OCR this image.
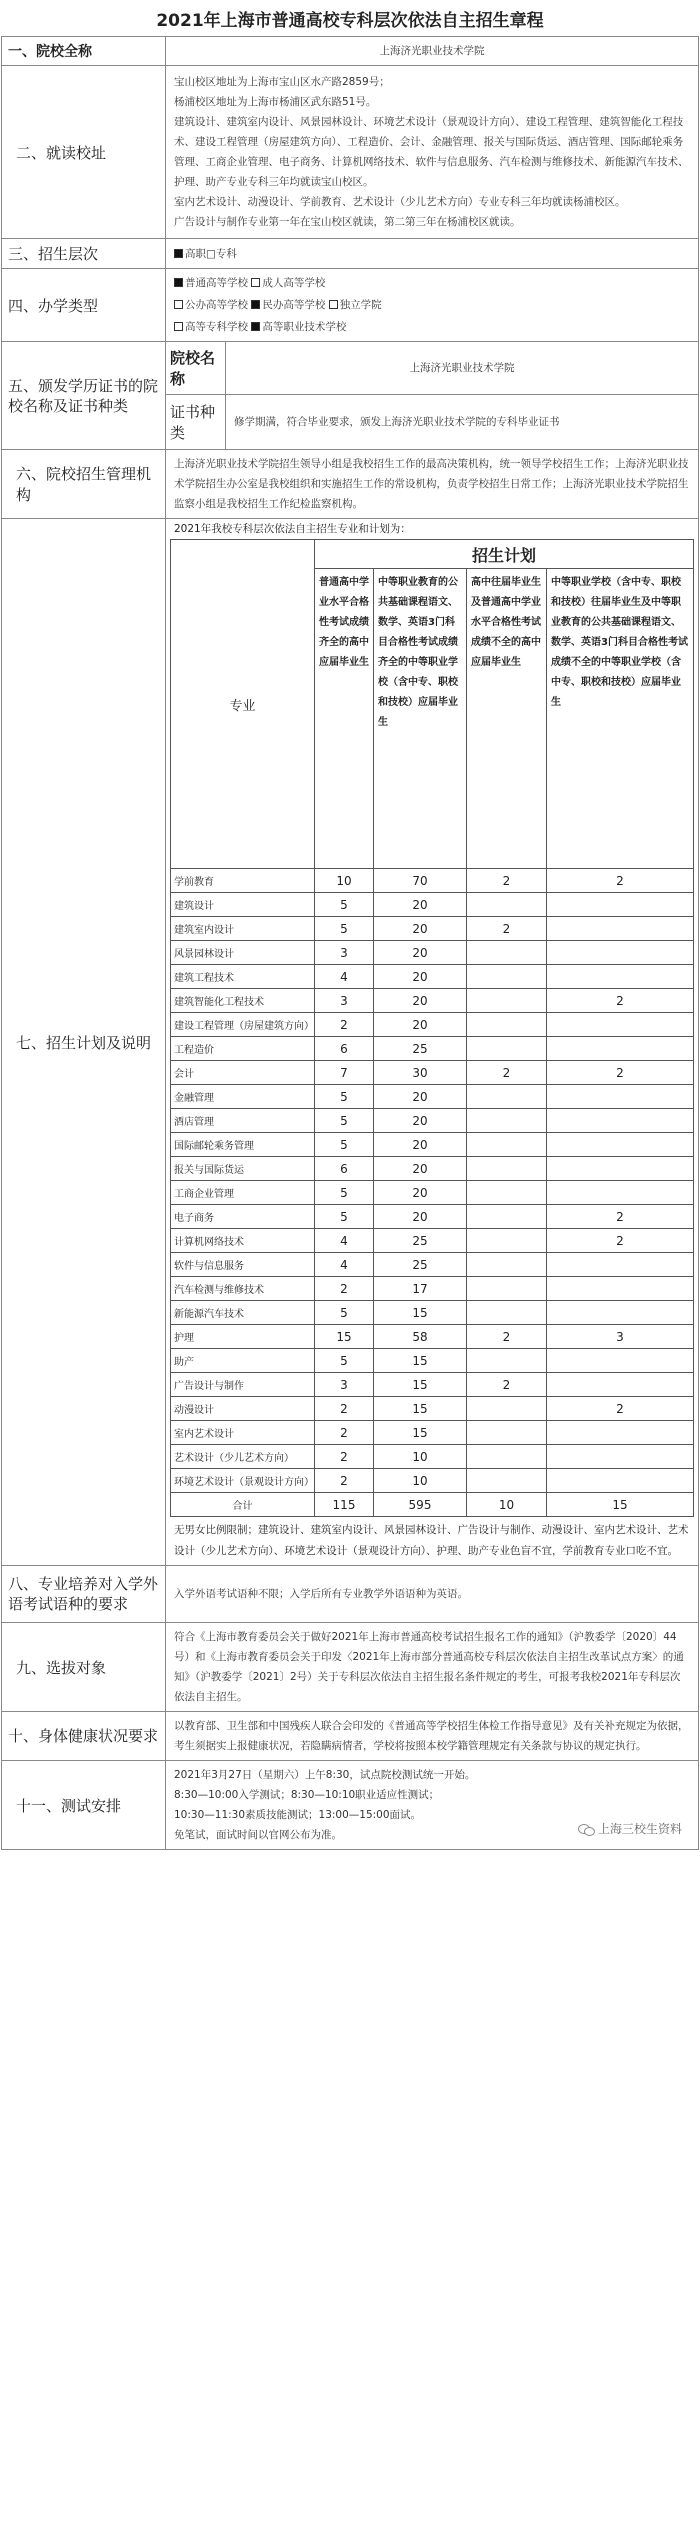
2021年上海市普通高校专科层次依法自主招生章程
一、院校全称	上海济光职业技术学院
二、就读校址	
宝山校区地址为上海市宝山区水产路2859号；
杨浦校区地址为上海市杨浦区武东路51号。
建筑设计、建筑室内设计、风景园林设计、环境艺术设计（景观设计方向）、建设工程管理、建筑智能化工程技术、建设工程管理（房屋建筑方向）、工程造价、会计、金融管理、报关与国际货运、酒店管理、国际邮轮乘务管理、工商企业管理、电子商务、计算机网络技术、软件与信息服务、汽车检测与维修技术、新能源汽车技术、护理、助产专业专科三年均就读宝山校区。
室内艺术设计、动漫设计、学前教育、艺术设计（少儿艺术方向）专业专科三年均就读杨浦校区。
广告设计与制作专业第一年在宝山校区就读，第二第三年在杨浦校区就读。

三、招生层次	高职□专科
四、办学类型	
普通高等学校 成人高等学校
公办高等学校 民办高等学校 独立学院
高等专科学校 高等职业技术学校

五、颁发学历证书的院校名称及证书种类	院校名称	上海济光职业技术学院
证书种类	修学期满，符合毕业要求，颁发上海济光职业技术学院的专科毕业证书
六、院校招生管理机构	上海济光职业技术学院招生领导小组是我校招生工作的最高决策机构，统一领导学校招生工作；上海济光职业技术学院招生办公室是我校组织和实施招生工作的常设机构，负责学校招生日常工作；上海济光职业技术学院招生监察小组是我校招生工作纪检监察机构。
七、招生计划及说明	
2021年我校专科层次依法自主招生专业和计划为：
专业	招生计划
普通高中学业水平合格性考试成绩齐全的高中应届毕业生	中等职业教育的公共基础课程语文、数学、英语3门科目合格性考试成绩齐全的中等职业学校（含中专、职校和技校）应届毕业生	高中往届毕业生及普通高中学业水平合格性考试成绩不全的高中应届毕业生	中等职业学校（含中专、职校和技校）往届毕业生及中等职业教育的公共基础课程语文、数学、英语3门科目合格性考试成绩不全的中等职业学校（含中专、职校和技校）应届毕业生
学前教育	10	70	2	2
建筑设计	5	20		
建筑室内设计	5	20	2	
风景园林设计	3	20		
建筑工程技术	4	20		
建筑智能化工程技术	3	20		2
建设工程管理（房屋建筑方向）	2	20		
工程造价	6	25		
会计	7	30	2	2
金融管理	5	20		
酒店管理	5	20		
国际邮轮乘务管理	5	20		
报关与国际货运	6	20		
工商企业管理	5	20		
电子商务	5	20		2
计算机网络技术	4	25		2
软件与信息服务	4	25		
汽车检测与维修技术	2	17		
新能源汽车技术	5	15		
护理	15	58	2	3
助产	5	15		
广告设计与制作	3	15	2	
动漫设计	2	15		2
室内艺术设计	2	15		
艺术设计（少儿艺术方向）	2	10		
环境艺术设计（景观设计方向）	2	10		
合计	115	595	10	15
无男女比例限制；建筑设计、建筑室内设计、风景园林设计、广告设计与制作、动漫设计、室内艺术设计、艺术设计（少儿艺术方向）、环境艺术设计（景观设计方向）、护理、助产专业色盲不宜，学前教育专业口吃不宜。

八、专业培养对入学外语考试语种的要求	入学外语考试语种不限；入学后所有专业教学外语语种为英语。
九、选拔对象	符合《上海市教育委员会关于做好2021年上海市普通高校考试招生报名工作的通知》（沪教委学〔2020〕44号）和《上海市教育委员会关于印发〈2021年上海市部分普通高校专科层次依法自主招生改革试点方案〉的通知》（沪教委学〔2021〕2号）关于专科层次依法自主招生报名条件规定的考生，可报考我校2021年专科层次依法自主招生。
十、身体健康状况要求	以教育部、卫生部和中国残疾人联合会印发的《普通高等学校招生体检工作指导意见》及有关补充规定为依据，考生须据实上报健康状况，若隐瞒病情者，学校将按照本校学籍管理规定有关条款与协议的规定执行。
十一、测试安排	
2021年3月27日（星期六）上午8:30，试点院校测试统一开始。
8:30—10:00入学测试；8:30—10:10职业适应性测试；
10:30—11:30素质技能测试；13:00—15:00面试。
免笔试，面试时间以官网公布为准。	上海三校生资料
